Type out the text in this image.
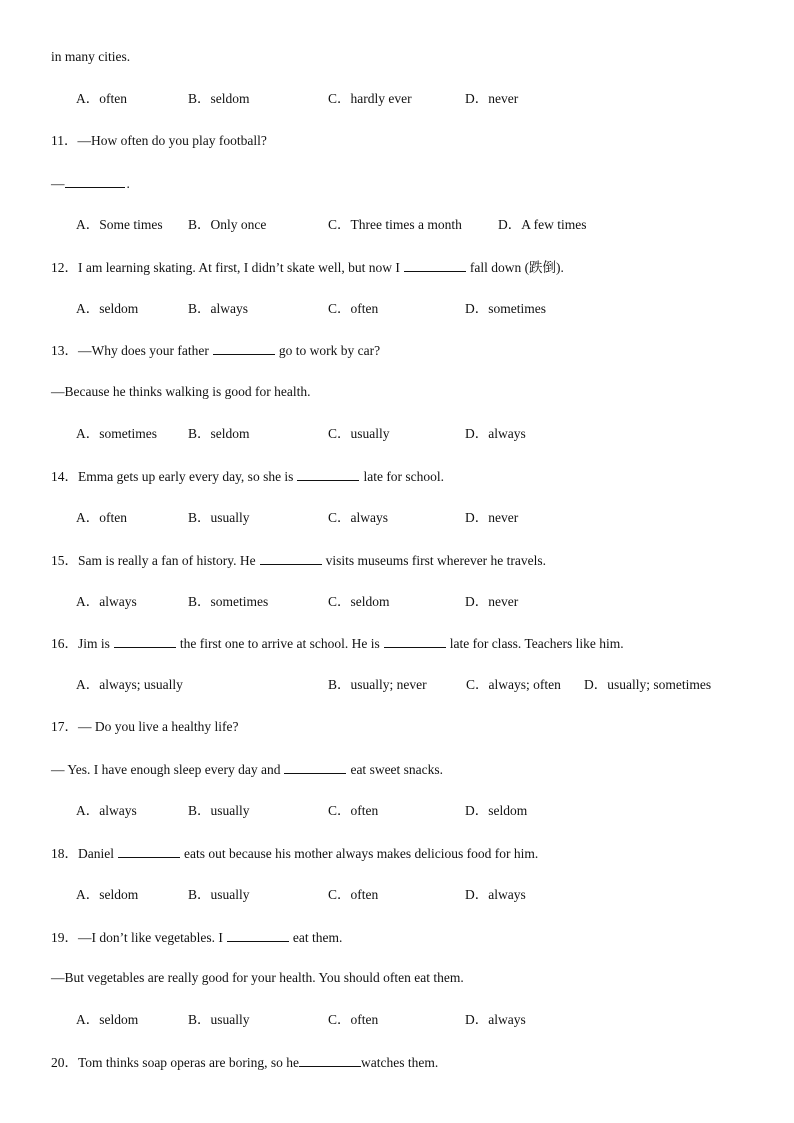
in many cities.
A．often	B．seldom	C．hardly ever	D．never
11．—How often do you play football?
—	.
A．Some times B．Only once	C．Three times a month	D．A few times
12．I am learning skating. At first, I didn’t skate well, but now I	fall down (跌倒).
A．seldom	B．always	C．often	D．sometimes
13．—Why does your father	go to work by car?
—Because he thinks walking is good for health.
A．sometimes B．seldom	C．usually	D．always
14．Emma gets up early every day, so she is	late for school.
A．often	B．usually	C．always	D．never
15．Sam is really a fan of history. He	visits museums first wherever he travels.
A．always	B．sometimes	C．seldom	D．never
16．Jim is	the first one to arrive at school. He is	late for class. Teachers like him.
A．always; usually	B．usually; never	C．always; often D．usually; sometimes
17．— Do you live a healthy life?
— Yes. I have enough sleep every day and	eat sweet snacks.
A．always	B．usually	C．often	D．seldom
18．Daniel	eats out because his mother always makes delicious food for him.
A．seldom	B．usually	C．often	D．always
19．—I don’t like vegetables. I	eat them.
—But vegetables are really good for your health. You should often eat them.
A．seldom	B．usually	C．often	D．always
20．Tom thinks soap operas are boring, so he	watches them.
